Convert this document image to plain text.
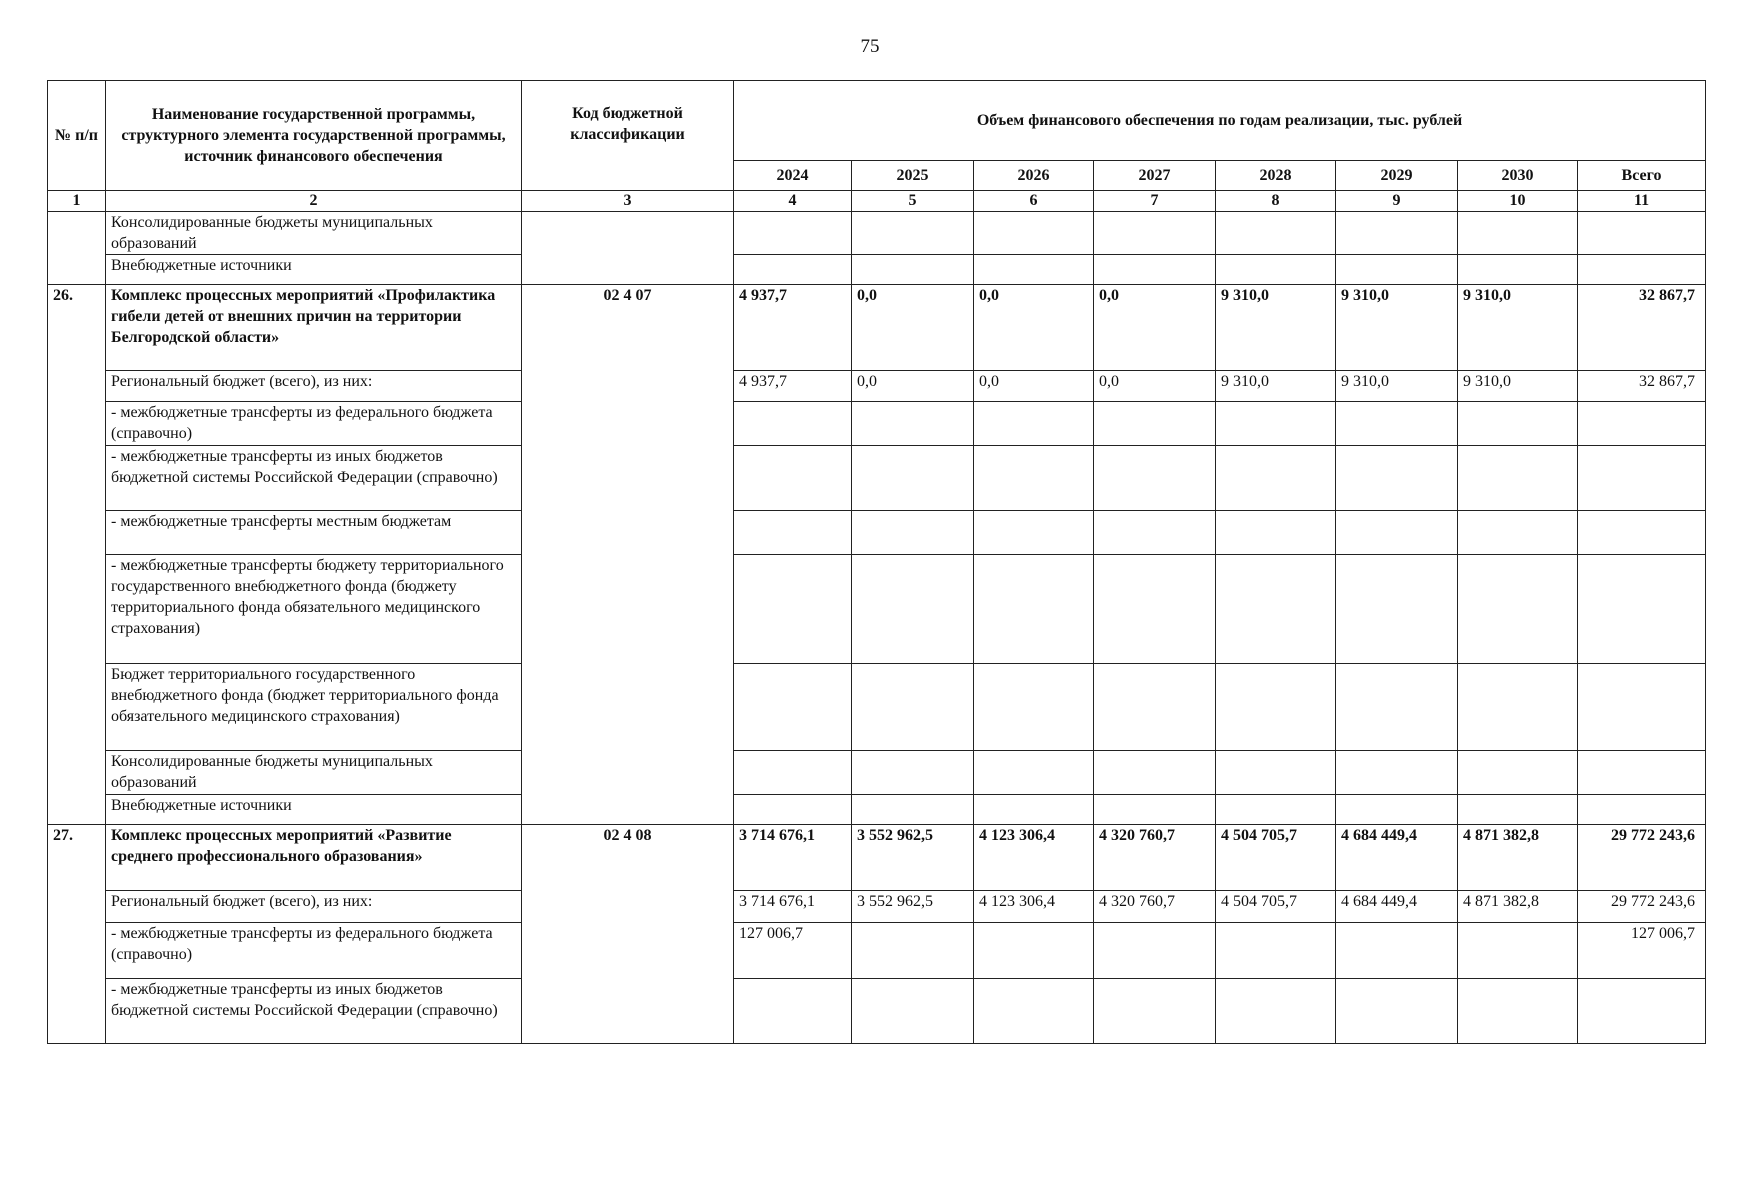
75
№ п/п	Наименование государственной программы, структурного элемента государственной программы, источник финансового обеспечения	Код бюджетной классификации	Объем финансового обеспечения по годам реализации, тыс. рублей							
			2024	2025	2026	2027	2028	2029	2030	Всего
1	2	3	4	5	6	7	8	9	10	11
	Консолидированные бюджеты муниципальных образований									
	Внебюджетные источники									
26.	Комплекс процессных мероприятий «Профилактика гибели детей от внешних причин на территории Белгородской области»	02 4 07	4 937,7	0,0	0,0	0,0	9 310,0	9 310,0	9 310,0	32 867,7
	Региональный бюджет (всего), из них:		4 937,7	0,0	0,0	0,0	9 310,0	9 310,0	9 310,0	32 867,7
	- межбюджетные трансферты из федерального бюджета (справочно)									
	- межбюджетные трансферты из иных бюджетов бюджетной системы Российской Федерации (справочно)									
	- межбюджетные трансферты местным бюджетам									
	- межбюджетные трансферты бюджету территориального государственного внебюджетного фонда (бюджету территориального фонда обязательного медицинского страхования)									
	Бюджет территориального государственного внебюджетного фонда (бюджет территориального фонда обязательного медицинского страхования)									
	Консолидированные бюджеты муниципальных образований									
	Внебюджетные источники									
27.	Комплекс процессных мероприятий «Развитие среднего профессионального образования»	02 4 08	3 714 676,1	3 552 962,5	4 123 306,4	4 320 760,7	4 504 705,7	4 684 449,4	4 871 382,8	29 772 243,6
	Региональный бюджет (всего), из них:		3 714 676,1	3 552 962,5	4 123 306,4	4 320 760,7	4 504 705,7	4 684 449,4	4 871 382,8	29 772 243,6
	- межбюджетные трансферты из федерального бюджета (справочно)		127 006,7							127 006,7
	- межбюджетные трансферты из иных бюджетов бюджетной системы Российской Федерации (справочно)									
